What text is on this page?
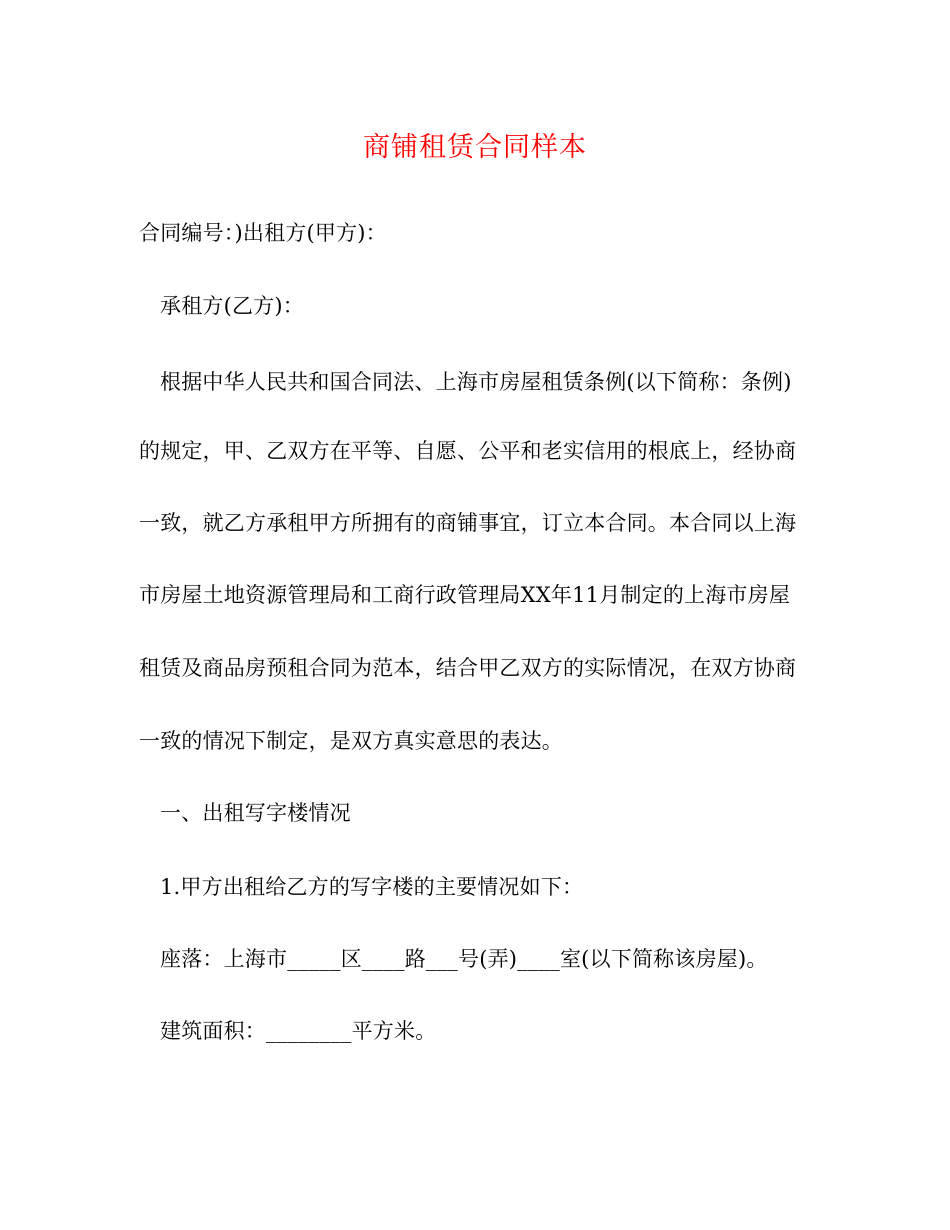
商铺租赁合同样本
合同编号：)出租方(甲方)：
承租方(乙方)：
根据中华人民共和国合同法、上海市房屋租赁条例(以下简称：条例)
的规定，甲、乙双方在平等、自愿、公平和老实信用的根底上，经协商
一致，就乙方承租甲方所拥有的商铺事宜，订立本合同。本合同以上海
市房屋土地资源管理局和工商行政管理局XX年11月制定的上海市房屋
租赁及商品房预租合同为范本，结合甲乙双方的实际情况，在双方协商
一致的情况下制定，是双方真实意思的表达。
一、出租写字楼情况
1.甲方出租给乙方的写字楼的主要情况如下：
座落：上海市_____区____路___号(弄)____室(以下简称该房屋)。
建筑面积：________平方米。
